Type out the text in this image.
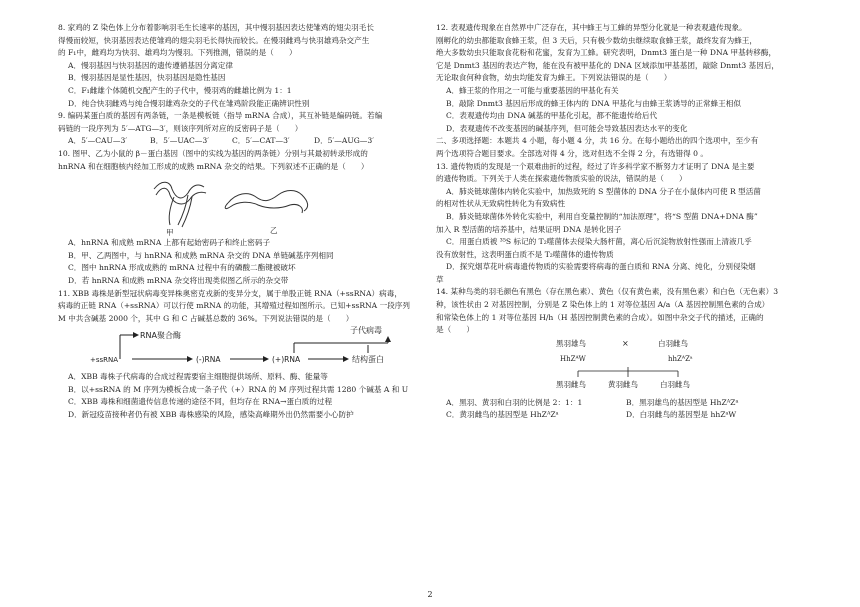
8. 家鸡的 Z 染色体上分布着影响羽毛生长速率的基因，其中慢羽基因表达使雏鸡的翅尖羽毛长

得慢而较短，快羽基因表达使雏鸡的翅尖羽毛长得快而较长。在慢羽雌鸡与快羽雄鸡杂交产生

的 F₁中，雌鸡均为快羽、雄鸡均为慢羽。下列推测，错误的是（　　）

A．慢羽基因与快羽基因的遗传遵循基因分离定律

B．慢羽基因是显性基因，快羽基因是隐性基因

C．F₁雌雄个体随机交配产生的子代中，慢羽鸡的雌雄比例为 1：1

D．纯合快羽雌鸡与纯合慢羽雄鸡杂交的子代在雏鸡阶段能正确辨识性别

9. 编码某蛋白质的基因有两条链，一条是模板链（指导 mRNA 合成），其互补链是编码链。若编

码链的一段序列为 5′—ATG—3′，则该序列所对应的反密码子是（　　）

A．5′—CAU—3′	B．5′—UAC—3′	C．5′—CAT—3′	D．5′—AUG—3′

10. 图甲、乙为小鼠的 β－蛋白基因（图中的实线为基因的两条链）分别与其最初转录形成的

hnRNA 和在细胞核内经加工形成的成熟 mRNA 杂交的结果。下列叙述不正确的是（　　）

甲	乙

A．hnRNA 和成熟 mRNA 上都有起始密码子和终止密码子

B．甲、乙两图中，与 hnRNA 和成熟 mRNA 杂交的 DNA 单链碱基序列相同

C．图中 hnRNA 形成成熟的 mRNA 过程中有的磷酸二酯键被破坏

D．若 hnRNA 和成熟 mRNA 杂交将出现类似图乙所示的杂交带

11. XBB 毒株是新型冠状病毒变异株奥密克戎新的变异分支，属于单股正链 RNA（+ssRNA）病毒，

病毒的正链 RNA（+ssRNA）可以行使 mRNA 的功能，其增殖过程如图所示。已知+ssRNA 一段序列

M 中共含碱基 2000 个，其中 G 和 C 占碱基总数的 36%。下列说法错误的是（　　）

RNA聚合酶
+ssRNA	(-)RNA	(+)RNA
子代病毒
结构蛋白

A．XBB 毒株子代病毒的合成过程需要宿主细胞提供场所、原料、酶、能量等

B．以+ssRNA 的 M 序列为模板合成一条子代（+）RNA 的 M 序列过程共需 1280 个碱基 A 和 U

C．XBB 毒株和细菌遗传信息传递的途径不同，但均存在 RNA→蛋白质的过程

D．新冠疫苗接种者仍有被 XBB 毒株感染的风险，感染高峰期外出仍然需要小心防护

12. 表观遗传现象在自然界中广泛存在，其中蜂王与工蜂的异型分化就是一种表观遗传现象。

刚孵化的幼虫都能取食蜂王浆，但 3 天后，只有极少数幼虫继续取食蜂王浆，最终发育为蜂王，

绝大多数幼虫只能取食花粉和花蜜，发育为工蜂。研究表明，Dnmt3 蛋白是一种 DNA 甲基转移酶，

它是 Dnmt3 基因的表达产物，能在没有被甲基化的 DNA 区域添加甲基基团，敲除 Dnmt3 基因后，

无论取食何种食物，幼虫均能发育为蜂王。下列说法错误的是（　　）

A．蜂王浆的作用之一可能与重要基因的甲基化有关

B．敲除 Dnmt3 基因后形成的蜂王体内的 DNA 甲基化与由蜂王浆诱导的正常蜂王相似

C．表观遗传均由 DNA 碱基的甲基化引起，都不能遗传给后代

D．表观遗传不改变基因的碱基序列，但可能会导致基因表达水平的变化

二、多项选择题：本题共 4 小题，每小题 4 分，共 16 分。在每小题给出的四个选项中，至少有

两个选项符合题目要求。全部选对得 4 分，选对但选不全得 2 分，有选错得 0 。

13. 遗传物质的发现是一个艰难曲折的过程，经过了许多科学家不断努力才证明了 DNA 是主要

的遗传物质。下列关于人类在探索遗传物质实验的说法，错误的是（　　）

A．肺炎链球菌体内转化实验中，加热致死的 S 型菌体的 DNA 分子在小鼠体内可使 R 型活菌

的相对性状从无致病性转化为有致病性

B．肺炎链球菌体外转化实验中，利用自变量控制的“加法原理”，将“S 型菌 DNA+DNA 酶”

加入 R 型活菌的培养基中，结果证明 DNA 是转化因子

C．用蛋白质被 ³⁵S 标记的 T₂噬菌体去侵染大肠杆菌，离心后沉淀物放射性强而上清液几乎

没有放射性，这表明蛋白质不是 T₂噬菌体的遗传物质

D．探究烟草花叶病毒遗传物质的实验需要将病毒的蛋白质和 RNA 分离、纯化，分别侵染烟

草

14. 某种鸟类的羽毛颜色有黑色（存在黑色素）、黄色（仅有黄色素，没有黑色素）和白色（无色素）3

种，该性状由 2 对基因控制，分别是 Z 染色体上的 1 对等位基因 A/a（A 基因控制黑色素的合成）

和常染色体上的 1 对等位基因 H/h（H 基因控制黄色素的合成）。如图中杂交子代的描述，正确的

是（　　）

黑羽雄鸟	×	白羽雌鸟
HhZᴬW	hhZᴬZᵃ
黑羽雌鸟	黄羽雌鸟	白羽雌鸟
A．黑羽、黄羽和白羽的比例是 2：1：1	B．黑羽雄鸟的基因型是 HhZᴬZᵃ
C．黄羽雌鸟的基因型是 HhZᴬZᵃ	D．白羽雌鸟的基因型是 hhZᵃW
2
